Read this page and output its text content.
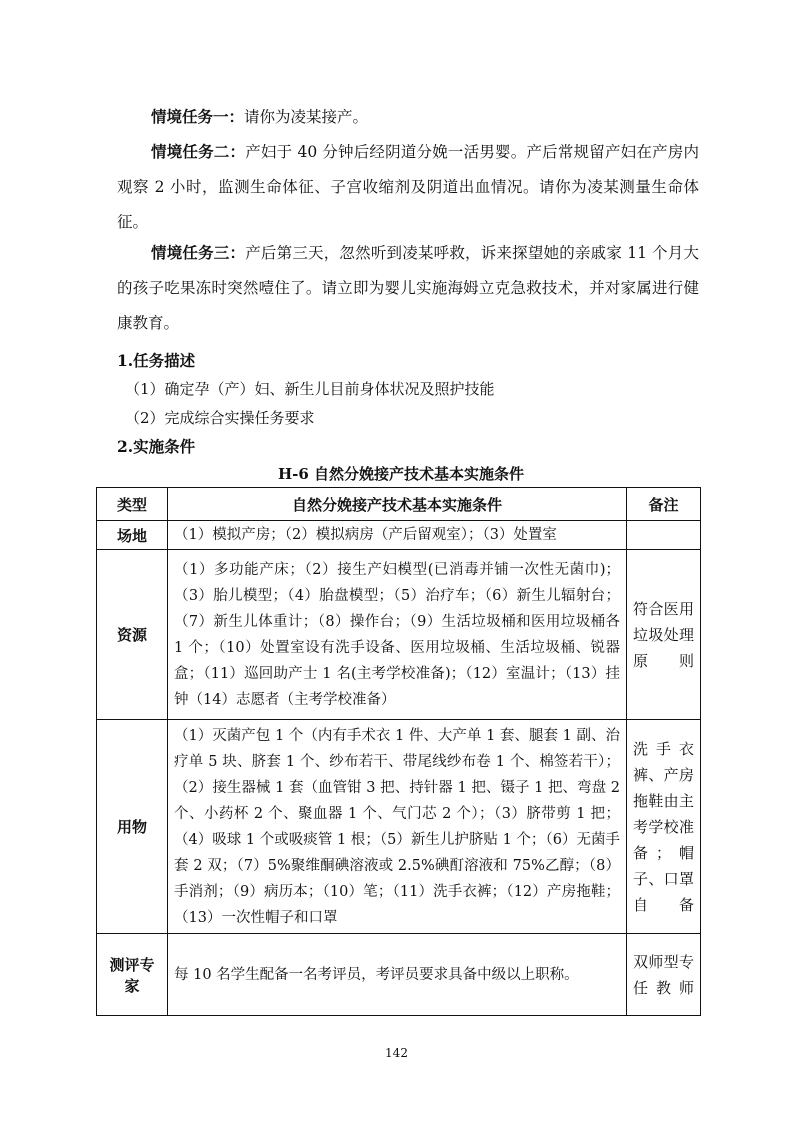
情境任务一：请你为凌某接产。
情境任务二：产妇于 40 分钟后经阴道分娩一活男婴。产后常规留产妇在产房内观察 2 小时，监测生命体征、子宫收缩剂及阴道出血情况。请你为凌某测量生命体征。
情境任务三：产后第三天，忽然听到凌某呼救，诉来探望她的亲戚家 11 个月大的孩子吃果冻时突然噎住了。请立即为婴儿实施海姆立克急救技术，并对家属进行健康教育。
1.任务描述
（1）确定孕（产）妇、新生儿目前身体状况及照护技能
（2）完成综合实操任务要求
2.实施条件
H-6 自然分娩接产技术基本实施条件
类型	自然分娩接产技术基本实施条件	备注
场地	（1）模拟产房；（2）模拟病房（产后留观室）；（3）处置室	
资源	（1）多功能产床；（2）接生产妇模型(已消毒并铺一次性无菌巾)；（3）胎儿模型；（4）胎盘模型；（5）治疗车；（6）新生儿辐射台；（7）新生儿体重计；（8）操作台；（9）生活垃圾桶和医用垃圾桶各 1 个；（10）处置室设有洗手设备、医用垃圾桶、生活垃圾桶、锐器盒；（11）巡回助产士 1 名(主考学校准备)；（12）室温计；（13）挂钟（14）志愿者（主考学校准备）	符合医用垃圾处理原则
用物	（1）灭菌产包 1 个（内有手术衣 1 件、大产单 1 套、腿套 1 副、治疗单 5 块、脐套 1 个、纱布若干、带尾线纱布卷 1 个、棉签若干）；（2）接生器械 1 套（血管钳 3 把、持针器 1 把、镊子 1 把、弯盘 2 个、小药杯 2 个、聚血器 1 个、气门芯 2 个）；（3）脐带剪 1 把；（4）吸球 1 个或吸痰管 1 根；（5）新生儿护脐贴 1 个；（6）无菌手套 2 双；（7）5%聚维酮碘溶液或 2.5%碘酊溶液和 75%乙醇；（8）手消剂；（9）病历本；（10）笔；（11）洗手衣裤；（12）产房拖鞋；（13）一次性帽子和口罩	洗手衣裤、产房拖鞋由主考学校准备；帽子、口罩自备
测评专家	每 10 名学生配备一名考评员，考评员要求具备中级以上职称。	双师型专任教师
142
